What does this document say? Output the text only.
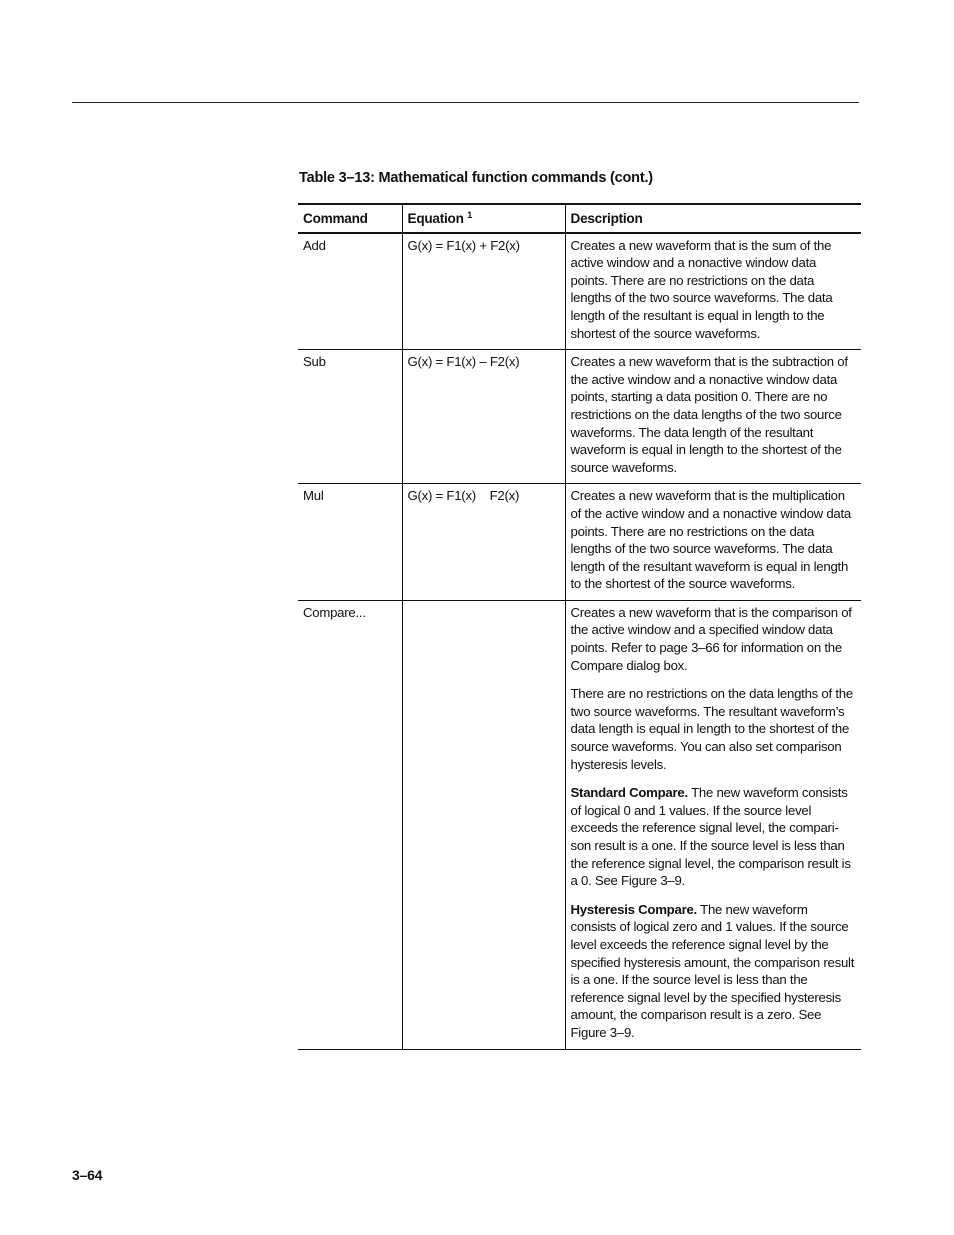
Table 3–13: Mathematical function commands (cont.)
Command	Equation $^1$	Description
Add	G(x) = F1(x) + F2(x)	Creates a new waveform that is the sum of the active window and a nonactive window data points. There are no restrictions on the data lengths of the two source waveforms. The data length of the resultant is equal in length to the shortest of the source waveforms.

Sub	G(x) = F1(x) – F2(x)	Creates a new waveform that is the subtraction of the active window and a nonactive window data points, starting a data position 0. There are no restrictions on the data lengths of the two source waveforms. The data length of the resultant waveform is equal in length to the shortest of the source waveforms.

Mul	G(x) = F1(x)    F2(x)	Creates a new waveform that is the multiplication of the active window and a nonactive window data points. There are no restrictions on the data lengths of the two source waveforms. The data length of the resultant waveform is equal in length to the shortest of the source waveforms.

Compare...		Creates a new waveform that is the comparison of the active window and a specified window data points. Refer to page 3–66 for information on the Compare dialog box.

There are no restrictions on the data lengths of the two source waveforms. The resultant waveform’s data length is equal in length to the shortest of the source waveforms. You can also set comparison hysteresis levels.

Standard Compare. The new waveform consists of logical 0 and 1 values. If the source level exceeds the reference signal level, the compari-son result is a one. If the source level is less than the reference signal level, the comparison result is a 0. See Figure 3–9.

Hysteresis Compare. The new waveform consists of logical zero and 1 values. If the source level exceeds the reference signal level by the specified hysteresis amount, the comparison result is a one. If the source level is less than the reference signal level by the specified hysteresis amount, the comparison result is a zero. See Figure 3–9.

3–64
